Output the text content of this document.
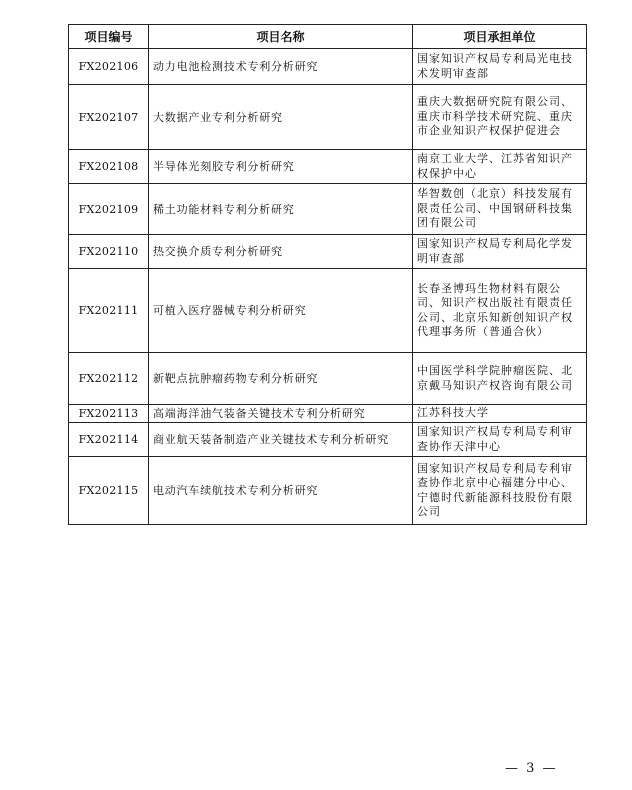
项目编号	项目名称	项目承担单位
FX202106	动力电池检测技术专利分析研究	国家知识产权局专利局光电技术发明审查部
FX202107	大数据产业专利分析研究	重庆大数据研究院有限公司、重庆市科学技术研究院、重庆市企业知识产权保护促进会
FX202108	半导体光刻胶专利分析研究	南京工业大学、江苏省知识产权保护中心
FX202109	稀土功能材料专利分析研究	华智数创（北京）科技发展有限责任公司、中国钢研科技集团有限公司
FX202110	热交换介质专利分析研究	国家知识产权局专利局化学发明审查部
FX202111	可植入医疗器械专利分析研究	长春圣博玛生物材料有限公司、知识产权出版社有限责任公司、北京乐知新创知识产权代理事务所（普通合伙）
FX202112	新靶点抗肿瘤药物专利分析研究	中国医学科学院肿瘤医院、北京戴马知识产权咨询有限公司
FX202113	高端海洋油气装备关键技术专利分析研究	江苏科技大学
FX202114	商业航天装备制造产业关键技术专利分析研究	国家知识产权局专利局专利审查协作天津中心
FX202115	电动汽车续航技术专利分析研究	国家知识产权局专利局专利审查协作北京中心福建分中心、宁德时代新能源科技股份有限公司
— 3 —
